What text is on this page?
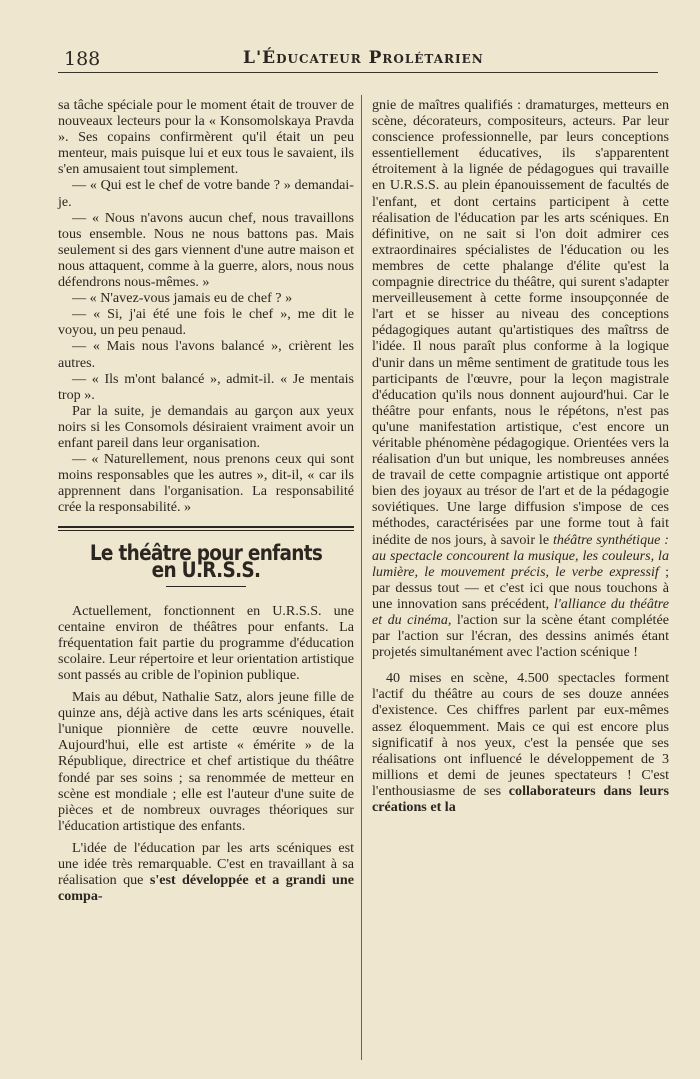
188	L'Éducateur Prolétarien

sa tâche spéciale pour le moment était de trouver de nouveaux lecteurs pour la « Konsomolskaya Pravda ». Ses copains confirmèrent qu'il était un peu menteur, mais puisque lui et eux tous le savaient, ils s'en amusaient tout simplement.

— « Qui est le chef de votre bande ? » demandai-je.

— « Nous n'avons aucun chef, nous travaillons tous ensemble. Nous ne nous battons pas. Mais seulement si des gars viennent d'une autre maison et nous attaquent, comme à la guerre, alors, nous nous défendrons nous-mêmes. »

— « N'avez-vous jamais eu de chef ? »

— « Si, j'ai été une fois le chef », me dit le voyou, un peu penaud.

— « Mais nous l'avons balancé », crièrent les autres.

— « Ils m'ont balancé », admit-il. « Je mentais trop ».

Par la suite, je demandais au garçon aux yeux noirs si les Consomols désiraient vraiment avoir un enfant pareil dans leur organisation.

— « Naturellement, nous prenons ceux qui sont moins responsables que les autres », dit-il, « car ils apprennent dans l'organisation. La responsabilité crée la responsabilité. »

Le théâtre pour enfants en U.R.S.S.

Actuellement, fonctionnent en U.R.S.S. une centaine environ de théâtres pour enfants. La fréquentation fait partie du programme d'éducation scolaire. Leur répertoire et leur orientation artistique sont passés au crible de l'opinion publique.

Mais au début, Nathalie Satz, alors jeune fille de quinze ans, déjà active dans les arts scéniques, était l'unique pionnière de cette œuvre nouvelle. Aujourd'hui, elle est artiste « émérite » de la République, directrice et chef artistique du théâtre fondé par ses soins ; sa renommée de metteur en scène est mondiale ; elle est l'auteur d'une suite de pièces et de nombreux ouvrages théoriques sur l'éducation artistique des enfants.

L'idée de l'éducation par les arts scéniques est une idée très remarquable. C'est en travaillant à sa réalisation que s'est développée et a grandi une compa-

gnie de maîtres qualifiés : dramaturges, metteurs en scène, décorateurs, compositeurs, acteurs. Par leur conscience professionnelle, par leurs conceptions essentiellement éducatives, ils s'apparentent étroitement à la lignée de pédagogues qui travaille en U.R.S.S. au plein épanouissement de facultés de l'enfant, et dont certains participent à cette réalisation de l'éducation par les arts scéniques. En définitive, on ne sait si l'on doit admirer ces extraordinaires spécialistes de l'éducation ou les membres de cette phalange d'élite qu'est la compagnie directrice du théâtre, qui surent s'adapter merveilleusement à cette forme insoupçonnée de l'art et se hisser au niveau des conceptions pédagogiques autant qu'artistiques des maîtrss de l'idée. Il nous paraît plus conforme à la logique d'unir dans un même sentiment de gratitude tous les participants de l'œuvre, pour la leçon magistrale d'éducation qu'ils nous donnent aujourd'hui. Car le théâtre pour enfants, nous le répétons, n'est pas qu'une manifestation artistique, c'est encore un véritable phénomène pédagogique. Orientées vers la réalisation d'un but unique, les nombreuses années de travail de cette compagnie artistique ont apporté bien des joyaux au trésor de l'art et de la pédagogie soviétiques. Une large diffusion s'impose de ces méthodes, caractérisées par une forme tout à fait inédite de nos jours, à savoir le théâtre synthétique : au spectacle concourent la musique, les couleurs, la lumière, le mouvement précis, le verbe expressif ; par dessus tout — et c'est ici que nous touchons à une innovation sans précédent, l'alliance du théâtre et du cinéma, l'action sur la scène étant complétée par l'action sur l'écran, des dessins animés étant projetés simultanément avec l'action scénique !

40 mises en scène, 4.500 spectacles forment l'actif du théâtre au cours de ses douze années d'existence. Ces chiffres parlent par eux-mêmes assez éloquemment. Mais ce qui est encore plus significatif à nos yeux, c'est la pensée que ses réalisations ont influencé le développement de 3 millions et demi de jeunes spectateurs ! C'est l'enthousiasme de ses collaborateurs dans leurs créations et la
